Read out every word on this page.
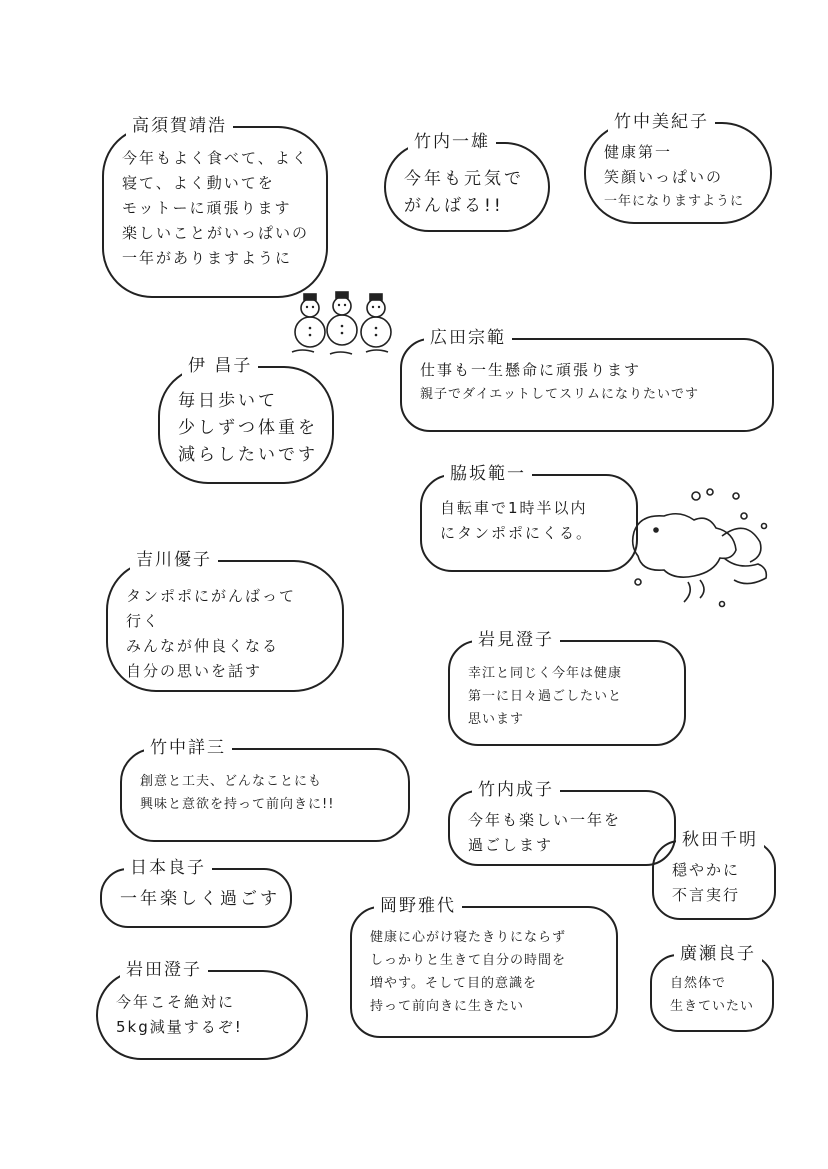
高須賀靖浩
今年もよく食べて、よく
寝て、よく動いてを
モットーに頑張ります
楽しいことがいっぱいの
一年がありますように
竹内一雄
今年も元気で
がんばる!!
竹中美紀子
健康第一
笑顔いっぱいの
一年になりますように
広田宗範
仕事も一生懸命に頑張ります
親子でダイエットしてスリムになりたいです
伊 昌子
毎日歩いて
少しずつ体重を
減らしたいです
脇坂範一
自転車で1時半以内
にタンポポにくる。
吉川優子
タンポポにがんばって
行く
みんなが仲良くなる
自分の思いを話す
岩見澄子
幸江と同じく今年は健康
第一に日々過ごしたいと
思います
竹中詳三
創意と工夫、どんなことにも
興味と意欲を持って前向きに!!
竹内成子
今年も楽しい一年を
過ごします
日本良子
一年楽しく過ごす
秋田千明
穏やかに
不言実行
岡野雅代
健康に心がけ寝たきりにならず
しっかりと生きて自分の時間を
増やす。そして目的意識を
持って前向きに生きたい
岩田澄子
今年こそ絶対に
5kg減量するぞ!
廣瀬良子
自然体で
生きていたい
